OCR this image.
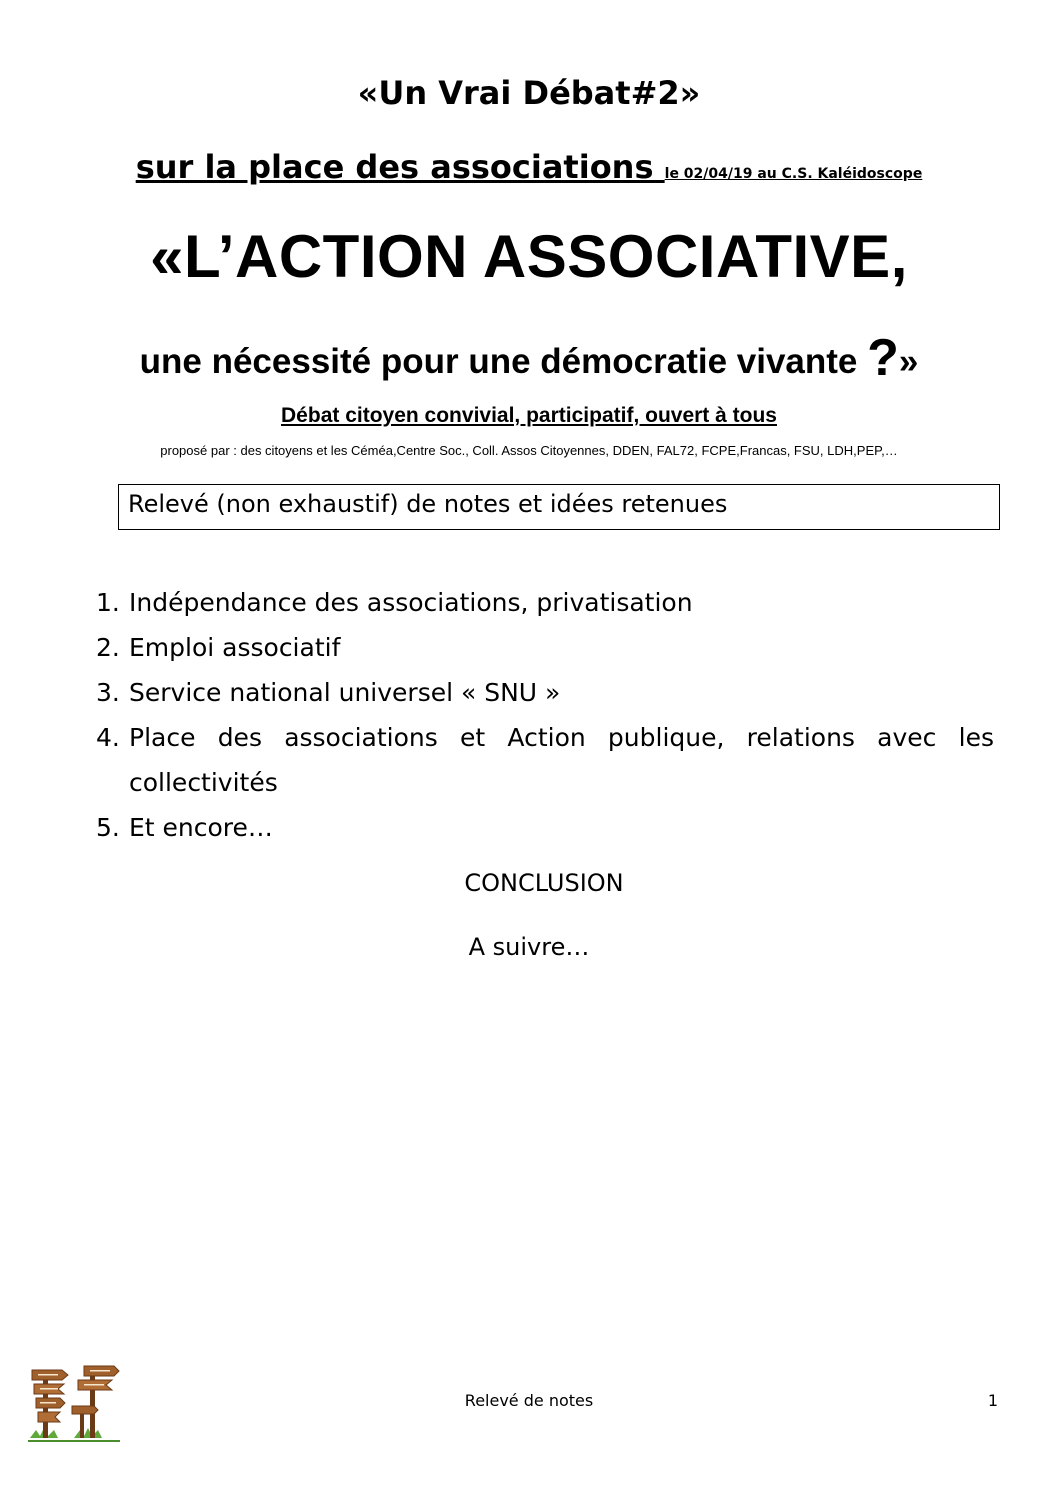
«Un Vrai Débat#2»
sur la place des associations le 02/04/19 au C.S. Kaléidoscope
«L’ACTION ASSOCIATIVE,
une nécessité pour une démocratie vivante ?»
Débat citoyen convivial, participatif, ouvert à tous
proposé par : des citoyens et les Céméa,Centre Soc., Coll. Assos Citoyennes, DDEN, FAL72, FCPE,Francas, FSU, LDH,PEP,…
Relevé (non exhaustif) de notes et idées retenues
1. Indépendance des associations, privatisation
2. Emploi associatif
3. Service national universel « SNU »
4. Place des associations et Action publique, relations avec les collectivités
5. Et encore…
CONCLUSION
A suivre…
Relevé de notes	1
